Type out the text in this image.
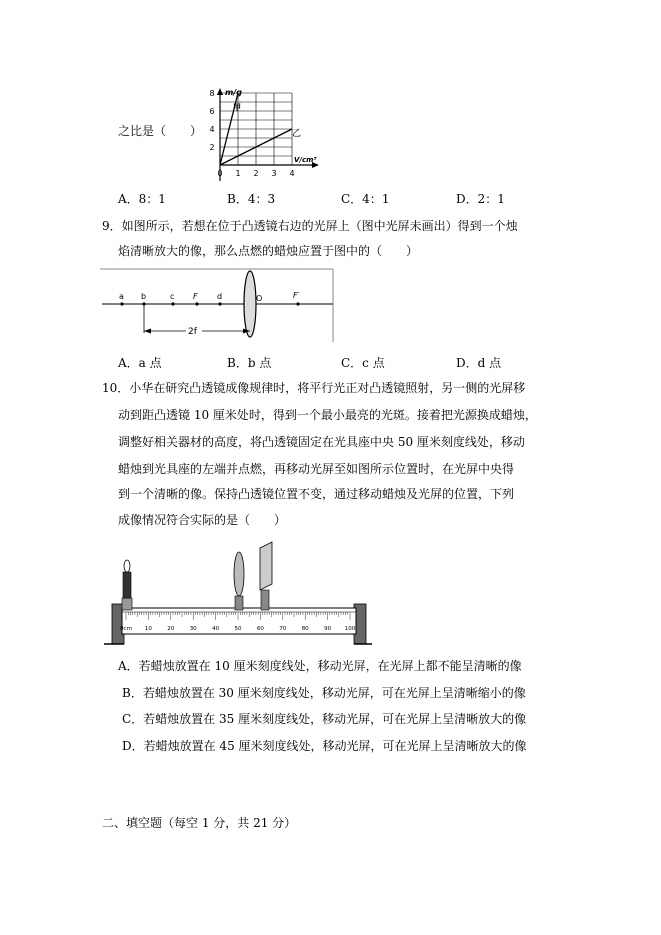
之比是（　　）
2
4
6
8
0 1 2 3 4
m/g
V/cm³
甲
乙
A．8：1	B．4：3	C．4：1	D．2：1
9．如图所示，若想在位于凸透镜右边的光屏上（图中光屏未画出）得到一个烛
焰清晰放大的像，那么点燃的蜡烛应置于图中的（　　）
a b	c F d	O	F′
2f
A．a 点	B．b 点	C．c 点	D．d 点
10．小华在研究凸透镜成像规律时，将平行光正对凸透镜照射，另一侧的光屏移
动到距凸透镜 10 厘米处时，得到一个最小最亮的光斑。接着把光源换成蜡烛，
调整好相关器材的高度，将凸透镜固定在光具座中央 50 厘米刻度线处，移动
蜡烛到光具座的左端并点燃，再移动光屏至如图所示位置时，在光屏中央得
到一个清晰的像。保持凸透镜位置不变，通过移动蜡烛及光屏的位置，下列
成像情况符合实际的是（　　）
0cm 10	20	30	40	50	60	70	80	90 100
A．若蜡烛放置在 10 厘米刻度线处，移动光屏，在光屏上都不能呈清晰的像
B．若蜡烛放置在 30 厘米刻度线处，移动光屏，可在光屏上呈清晰缩小的像
C．若蜡烛放置在 35 厘米刻度线处，移动光屏，可在光屏上呈清晰放大的像
D．若蜡烛放置在 45 厘米刻度线处，移动光屏，可在光屏上呈清晰放大的像
二、填空题（每空 1 分，共 21 分）
